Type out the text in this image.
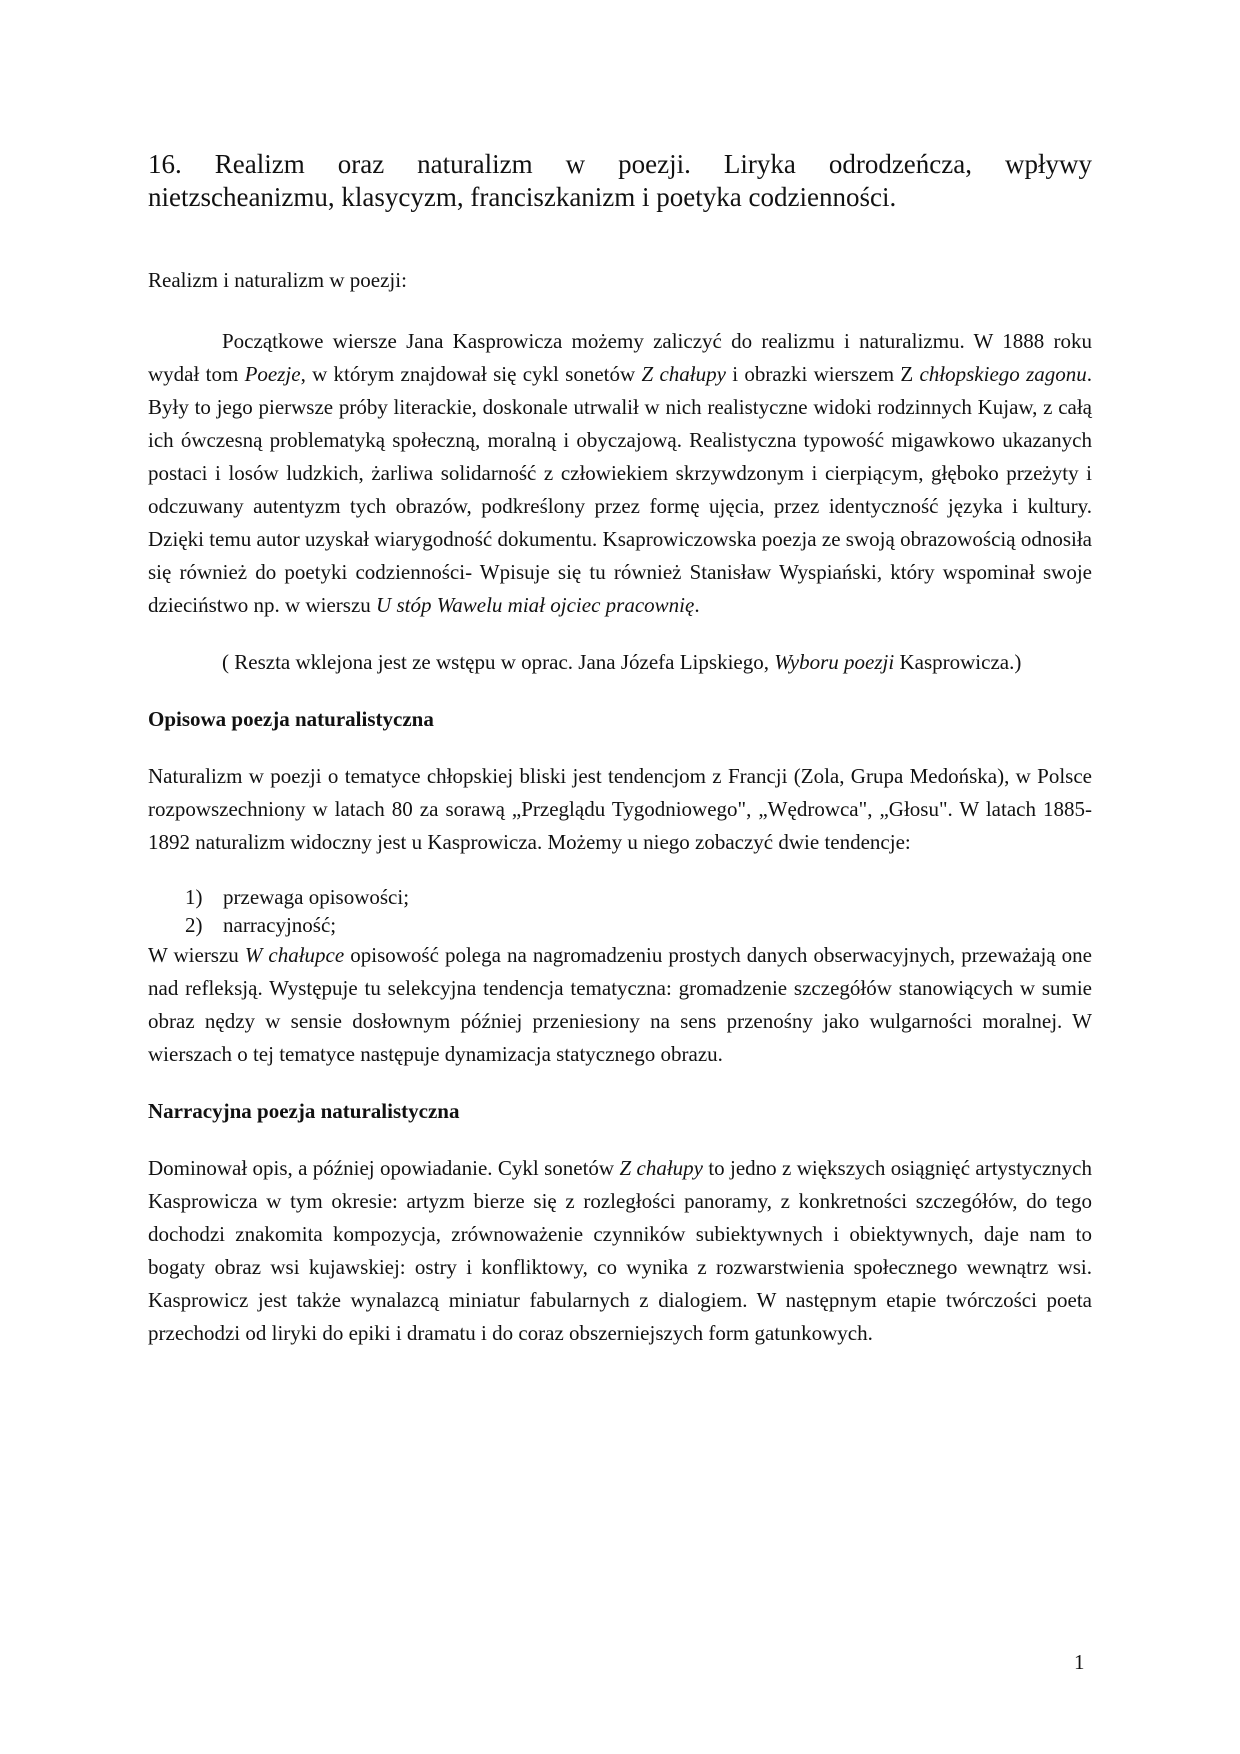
16. Realizm oraz naturalizm w poezji. Liryka odrodzeńcza, wpływy
nietzscheanizmu, klasycyzm, franciszkanizm i poetyka codzienności.

Realizm i naturalizm w poezji:

Początkowe wiersze Jana Kasprowicza możemy zaliczyć do realizmu i naturalizmu. W 1888 roku wydał tom Poezje, w którym znajdował się cykl sonetów Z chałupy i obrazki wierszem Z chłopskiego zagonu. Były to jego pierwsze próby literackie, doskonale utrwalił w nich realistyczne widoki rodzinnych Kujaw, z całą ich ówczesną problematyką społeczną, moralną i obyczajową. Realistyczna typowość migawkowo ukazanych postaci i losów ludzkich, żarliwa solidarność z człowiekiem skrzywdzonym i cierpiącym, głęboko przeżyty i odczuwany autentyzm tych obrazów, podkreślony przez formę ujęcia, przez identyczność języka i kultury. Dzięki temu autor uzyskał wiarygodność dokumentu. Ksaprowiczowska poezja ze swoją obrazowością odnosiła się również do poetyki codzienności- Wpisuje się tu również Stanisław Wyspiański, który wspominał swoje dzieciństwo np. w wierszu U stóp Wawelu miał ojciec pracownię.

( Reszta wklejona jest ze wstępu w oprac. Jana Józefa Lipskiego, Wyboru poezji Kasprowicza.)

Opisowa poezja naturalistyczna

Naturalizm w poezji o tematyce chłopskiej bliski jest tendencjom z Francji (Zola, Grupa Medońska), w Polsce rozpowszechniony w latach 80 za sorawą „Przeglądu Tygodniowego", „Wędrowca", „Głosu". W latach 1885-1892 naturalizm widoczny jest u Kasprowicza. Możemy u niego zobaczyć dwie tendencje:

1) przewaga opisowości;
2) narracyjność;

W wierszu W chałupce opisowość polega na nagromadzeniu prostych danych obserwacyjnych, przeważają one nad refleksją. Występuje tu selekcyjna tendencja tematyczna: gromadzenie szczegółów stanowiących w sumie obraz nędzy w sensie dosłownym później przeniesiony na sens przenośny jako wulgarności moralnej. W wierszach o tej tematyce następuje dynamizacja statycznego obrazu.

Narracyjna poezja naturalistyczna

Dominował opis, a później opowiadanie. Cykl sonetów Z chałupy to jedno z większych osiągnięć artystycznych Kasprowicza w tym okresie: artyzm bierze się z rozległości panoramy, z konkretności szczegółów, do tego dochodzi znakomita kompozycja, zrównoważenie czynników subiektywnych i obiektywnych, daje nam to bogaty obraz wsi kujawskiej: ostry i konfliktowy, co wynika z rozwarstwienia społecznego wewnątrz wsi. Kasprowicz jest także wynalazcą miniatur fabularnych z dialogiem. W następnym etapie twórczości poeta przechodzi od liryki do epiki i dramatu i do coraz obszerniejszych form gatunkowych.

1
